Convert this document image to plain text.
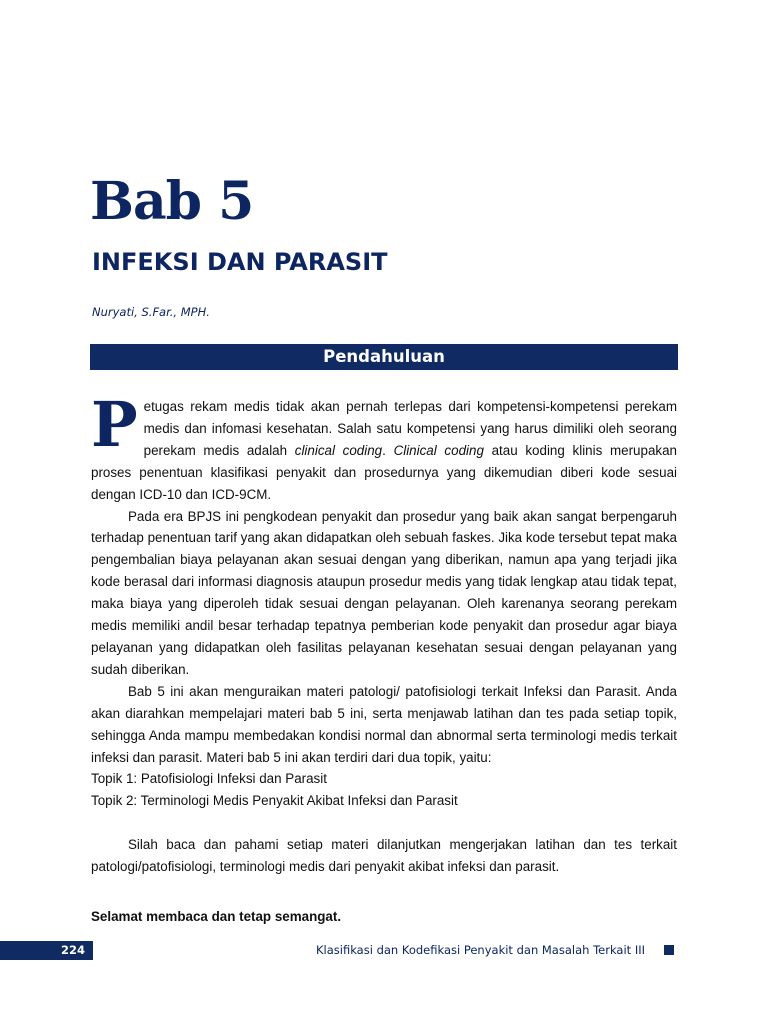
Bab 5
INFEKSI DAN PARASIT
Nuryati, S.Far., MPH.
Pendahuluan

Petugas rekam medis tidak akan pernah terlepas dari kompetensi-kompetensi perekam medis dan infomasi kesehatan. Salah satu kompetensi yang harus dimiliki oleh seorang perekam medis adalah clinical coding. Clinical coding atau koding klinis merupakan proses penentuan klasifikasi penyakit dan prosedurnya yang dikemudian diberi kode sesuai dengan ICD-10 dan ICD-9CM.

Pada era BPJS ini pengkodean penyakit dan prosedur yang baik akan sangat berpengaruh terhadap penentuan tarif yang akan didapatkan oleh sebuah faskes. Jika kode tersebut tepat maka pengembalian biaya pelayanan akan sesuai dengan yang diberikan, namun apa yang terjadi jika kode berasal dari informasi diagnosis ataupun prosedur medis yang tidak lengkap atau tidak tepat, maka biaya yang diperoleh tidak sesuai dengan pelayanan. Oleh karenanya seorang perekam medis memiliki andil besar terhadap tepatnya pemberian kode penyakit dan prosedur agar biaya pelayanan yang didapatkan oleh fasilitas pelayanan kesehatan sesuai dengan pelayanan yang sudah diberikan.

Bab 5 ini akan menguraikan materi patologi/ patofisiologi terkait Infeksi dan Parasit. Anda akan diarahkan mempelajari materi bab 5 ini, serta menjawab latihan dan tes pada setiap topik, sehingga Anda mampu membedakan kondisi normal dan abnormal serta terminologi medis terkait infeksi dan parasit. Materi bab 5 ini akan terdiri dari dua topik, yaitu:

Topik 1: Patofisiologi Infeksi dan Parasit

Topik 2: Terminologi Medis Penyakit Akibat Infeksi dan Parasit

Silah baca dan pahami setiap materi dilanjutkan mengerjakan latihan dan tes terkait patologi/patofisiologi, terminologi medis dari penyakit akibat infeksi dan parasit.

Selamat membaca dan tetap semangat.

224	Klasifikasi dan Kodefikasi Penyakit dan Masalah Terkait III
